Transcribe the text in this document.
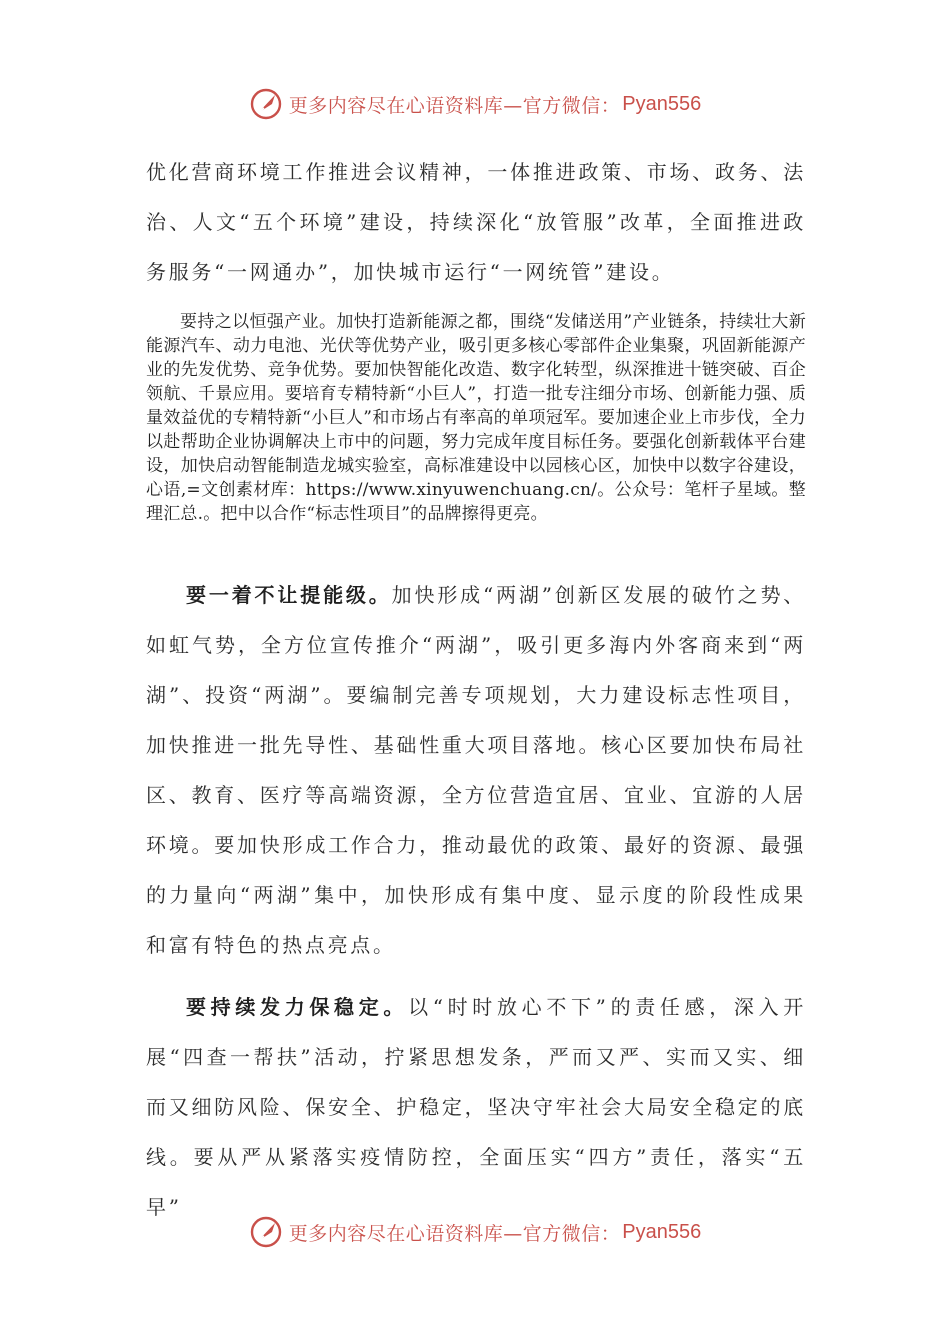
更多内容尽在心语资料库—官方微信： Pyan556

优化营商环境工作推进会议精神，一体推进政策、市场、政务、法治、人文“五个环境”建设，持续深化“放管服”改革，全面推进政务服务“一网通办”，加快城市运行“一网统管”建设。

要持之以恒强产业。加快打造新能源之都，围绕“发储送用”产业链条，持续壮大新能源汽车、动力电池、光伏等优势产业，吸引更多核心零部件企业集聚，巩固新能源产业的先发优势、竞争优势。要加快智能化改造、数字化转型，纵深推进十链突破、百企领航、千景应用。要培育专精特新“小巨人”，打造一批专注细分市场、创新能力强、质量效益优的专精特新“小巨人”和市场占有率高的单项冠军。要加速企业上市步伐，全力以赴帮助企业协调解决上市中的问题，努力完成年度目标任务。要强化创新载体平台建设，加快启动智能制造龙城实验室，高标准建设中以园核心区，加快中以数字谷建设，心语,=文创素材库：https://www.xinyuwenchuang.cn/。公众号：笔杆子星域。整理汇总.。把中以合作“标志性项目”的品牌擦得更亮。

要一着不让提能级。加快形成“两湖”创新区发展的破竹之势、如虹气势，全方位宣传推介“两湖”，吸引更多海内外客商来到“两湖”、投资“两湖”。要编制完善专项规划，大力建设标志性项目，加快推进一批先导性、基础性重大项目落地。核心区要加快布局社区、教育、医疗等高端资源，全方位营造宜居、宜业、宜游的人居环境。要加快形成工作合力，推动最优的政策、最好的资源、最强的力量向“两湖”集中，加快形成有集中度、显示度的阶段性成果和富有特色的热点亮点。

要持续发力保稳定。以“时时放心不下”的责任感，深入开展“四查一帮扶”活动，拧紧思想发条，严而又严、实而又实、细而又细防风险、保安全、护稳定，坚决守牢社会大局安全稳定的底线。要从严从紧落实疫情防控，全面压实“四方”责任，落实“五早”

更多内容尽在心语资料库—官方微信： Pyan556
